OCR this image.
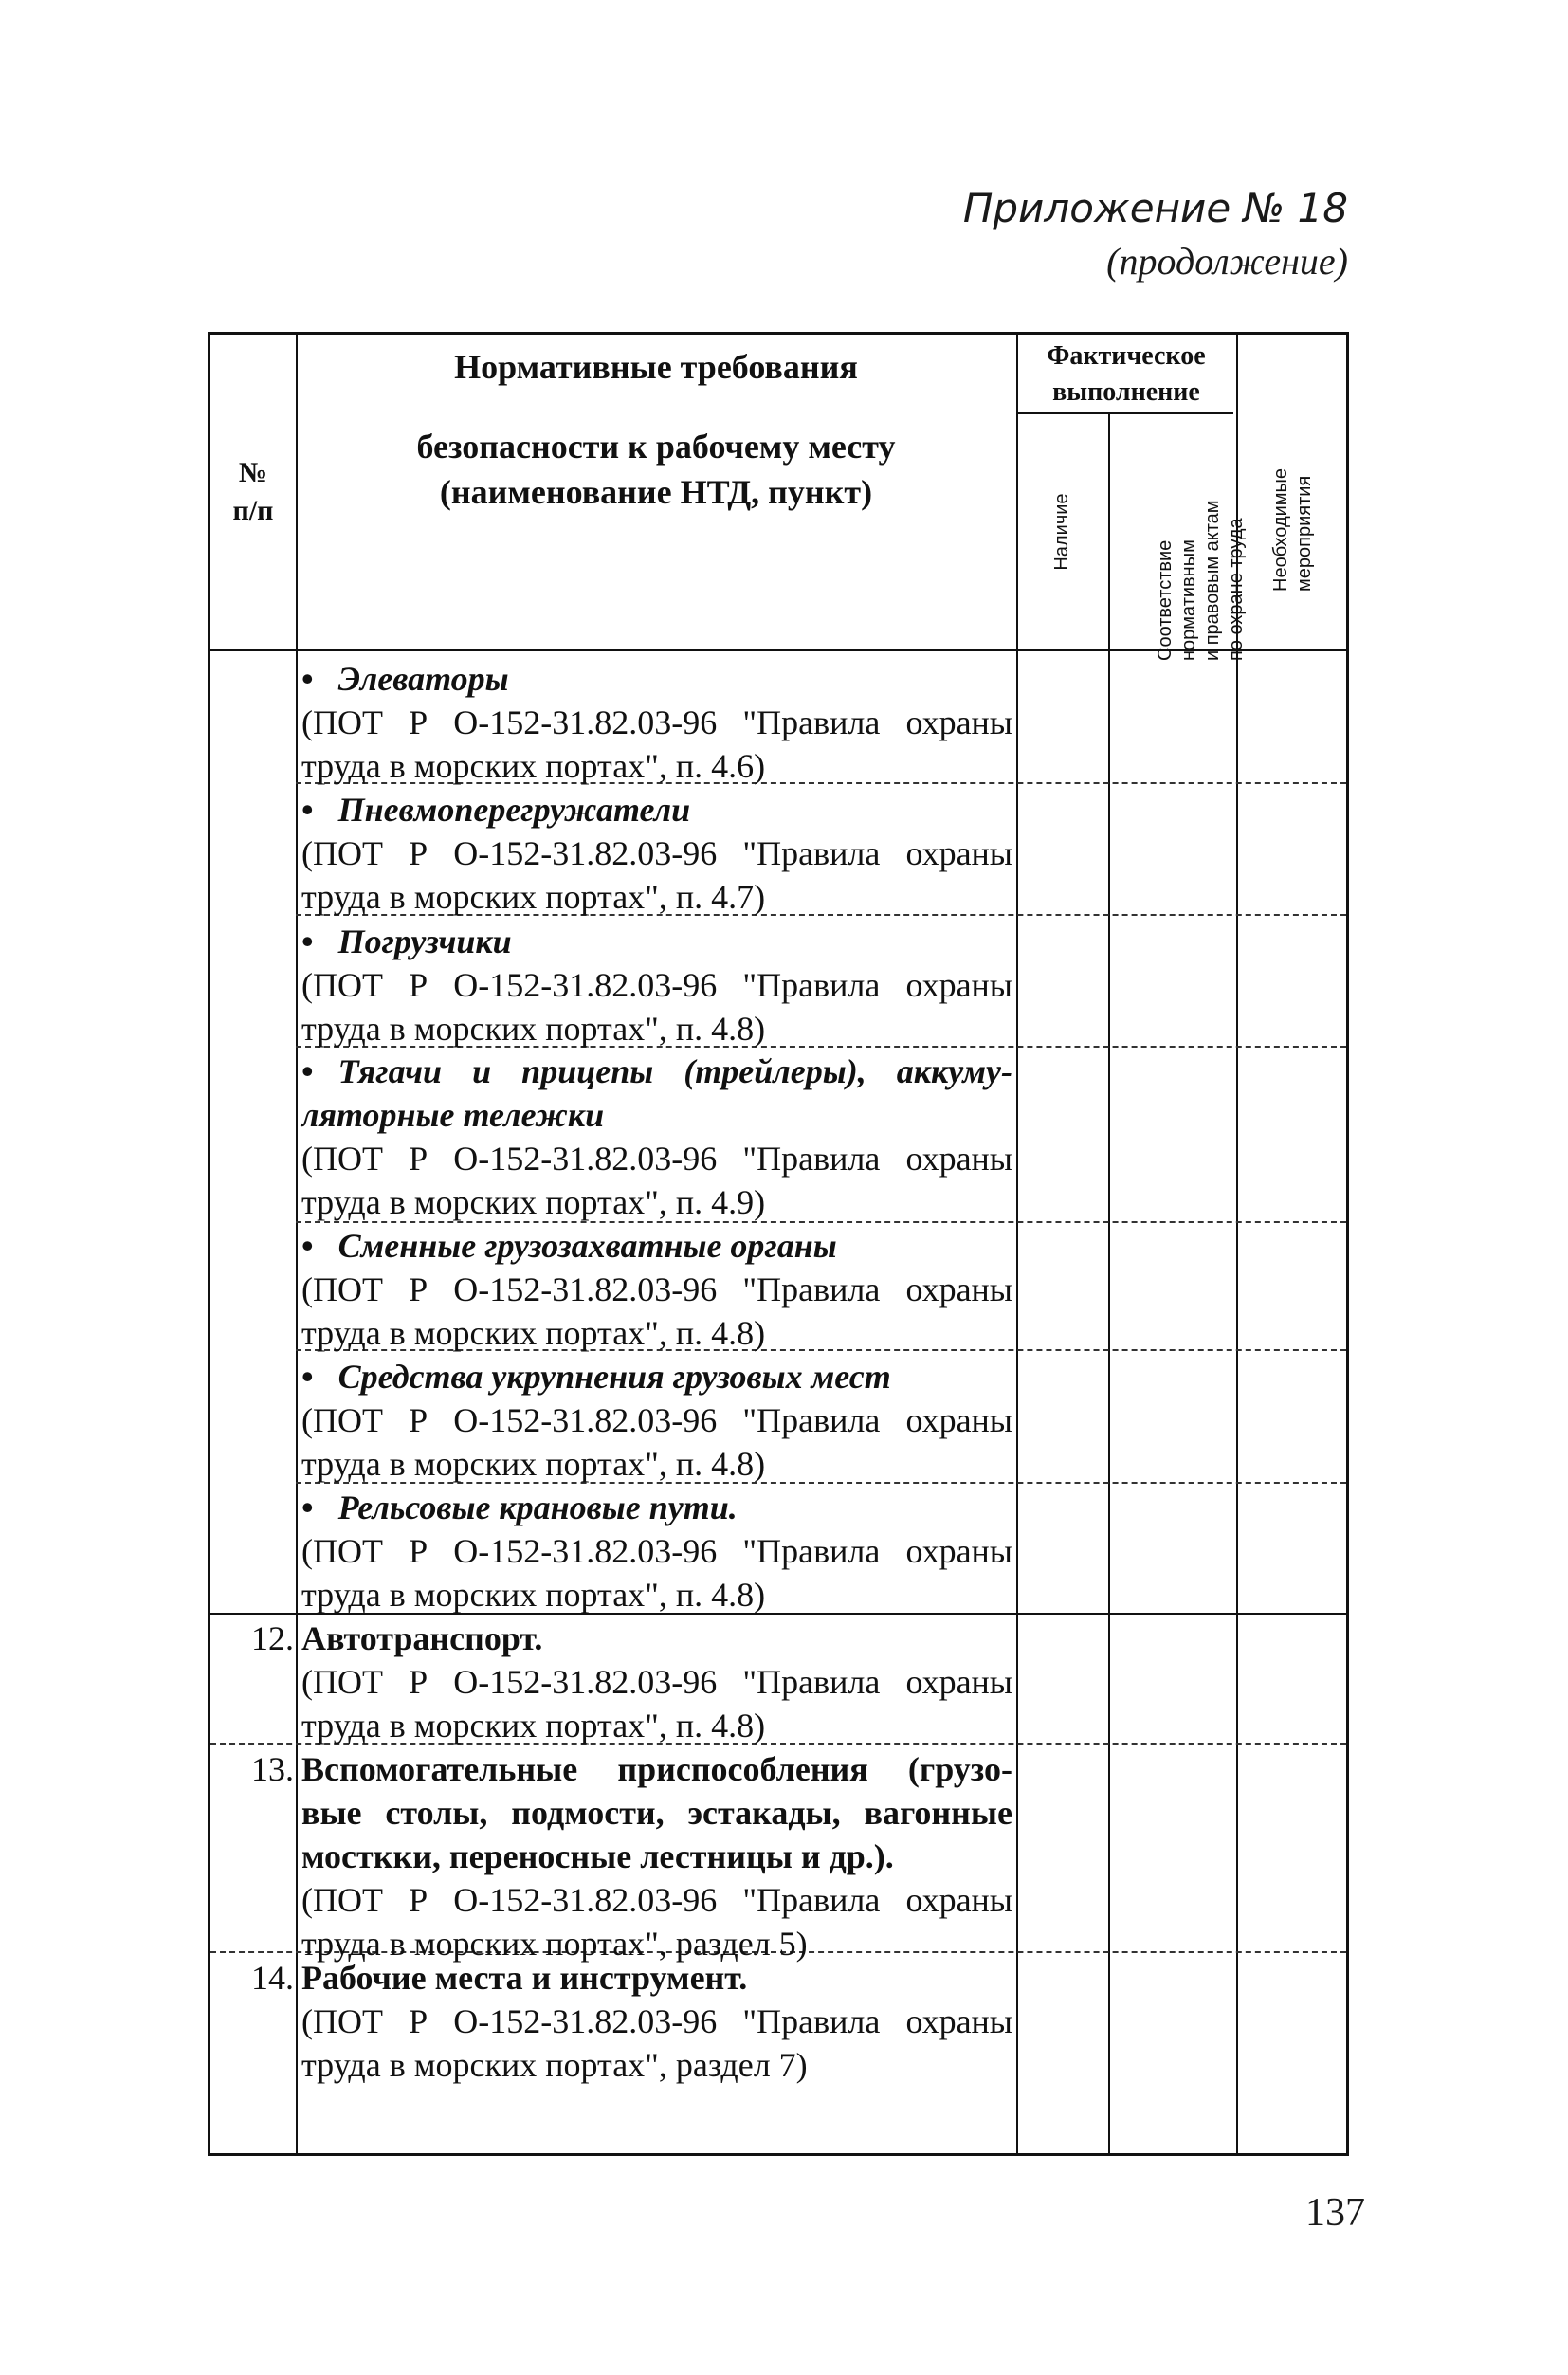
Приложение № 18
(продолжение)
№
п/п
Нормативные требования
безопасности к рабочему месту
(наименование НТД, пункт)
Фактическое
выполнение
Наличие
Соответствие нормативным и правовым актам по охране труда Необходимые мероприятия
• Элеваторы
(ПОТ Р О-152-31.82.03-96 "Правила охраны
труда в морских портах", п. 4.6)
• Пневмоперегружатели
(ПОТ Р О-152-31.82.03-96 "Правила охраны
труда в морских портах", п. 4.7)
• Погрузчики
(ПОТ Р О-152-31.82.03-96 "Правила охраны
труда в морских портах", п. 4.8)
• Тягачи и прицепы (трейлеры), аккуму-
ляторные тележки
(ПОТ Р О-152-31.82.03-96 "Правила охраны
труда в морских портах", п. 4.9)
• Сменные грузозахватные органы
(ПОТ Р О-152-31.82.03-96 "Правила охраны
труда в морских портах", п. 4.8)
• Средства укрупнения грузовых мест
(ПОТ Р О-152-31.82.03-96 "Правила охраны
труда в морских портах", п. 4.8)
• Рельсовые крановые пути.
(ПОТ Р О-152-31.82.03-96 "Правила охраны
труда в морских портах", п. 4.8)
12. Автотранспорт.
(ПОТ Р О-152-31.82.03-96 "Правила охраны
труда в морских портах", п. 4.8)
13. Вспомогательные приспособления (грузо-
вые столы, подмости, эстакады, вагонные
мосткки, переносные лестницы и др.).
(ПОТ Р О-152-31.82.03-96 "Правила охраны
труда в морских портах", раздел 5)
14. Рабочие места и инструмент.
(ПОТ Р О-152-31.82.03-96 "Правила охраны
труда в морских портах", раздел 7)
137
